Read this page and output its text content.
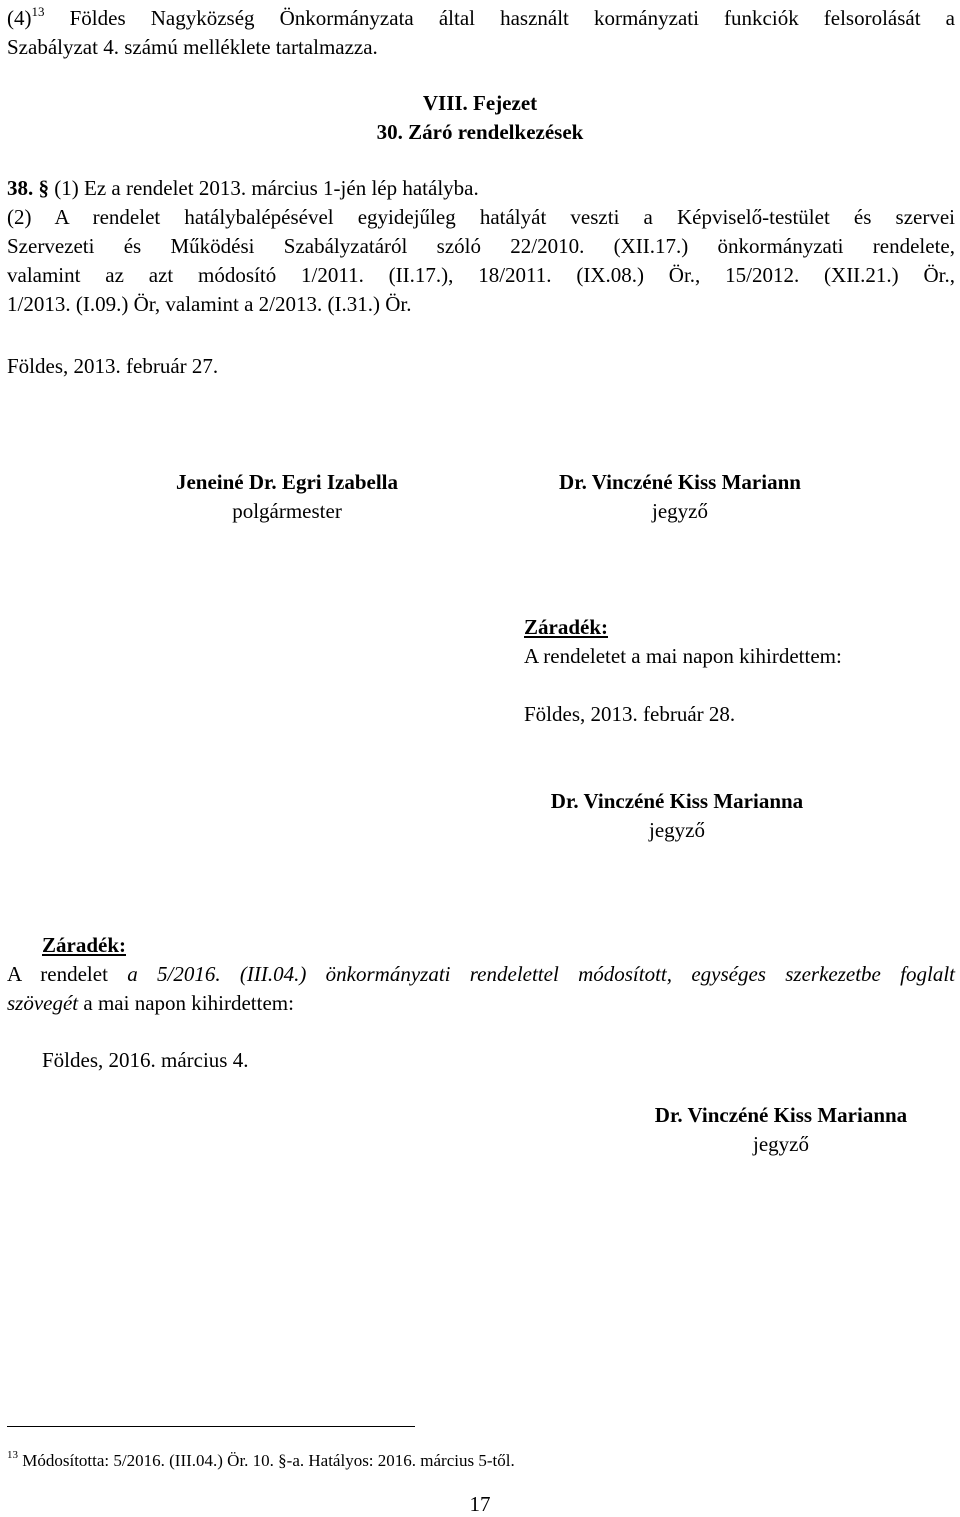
$(4)^{13}$ Földes Nagyközség Önkormányzata által használt kormányzati funkciók felsorolását a
Szabályzat 4. számú melléklete tartalmazza.
VIII. Fejezet
30. Záró rendelkezések
38. § (1) Ez a rendelet 2013. március 1-jén lép hatályba.
(2) A rendelet hatálybalépésével egyidejűleg hatályát veszti a Képviselő-testület és szervei
Szervezeti és Működési Szabályzatáról szóló 22/2010. (XII.17.) önkormányzati rendelete,
valamint az azt módosító 1/2011. (II.17.), 18/2011. (IX.08.) Ör., 15/2012. (XII.21.) Ör.,
1/2013. (I.09.) Ör, valamint a 2/2013. (I.31.) Ör.
Földes, 2013. február 27.
Jeneiné Dr. Egri Izabella
polgármester
Dr. Vinczéné Kiss Mariann
jegyző
Záradék:
A rendeletet a mai napon kihirdettem:
Földes, 2013. február 28.
Dr. Vinczéné Kiss Marianna
jegyző
Záradék:
A rendelet a 5/2016. (III.04.) önkormányzati rendelettel módosított, egységes szerkezetbe foglalt
szövegét a mai napon kihirdettem:
Földes, 2016. március 4.
Dr. Vinczéné Kiss Marianna
jegyző
$^{13}$ Módosította: 5/2016. (III.04.) Ör. 10. §-a. Hatályos: 2016. március 5-től.
17
